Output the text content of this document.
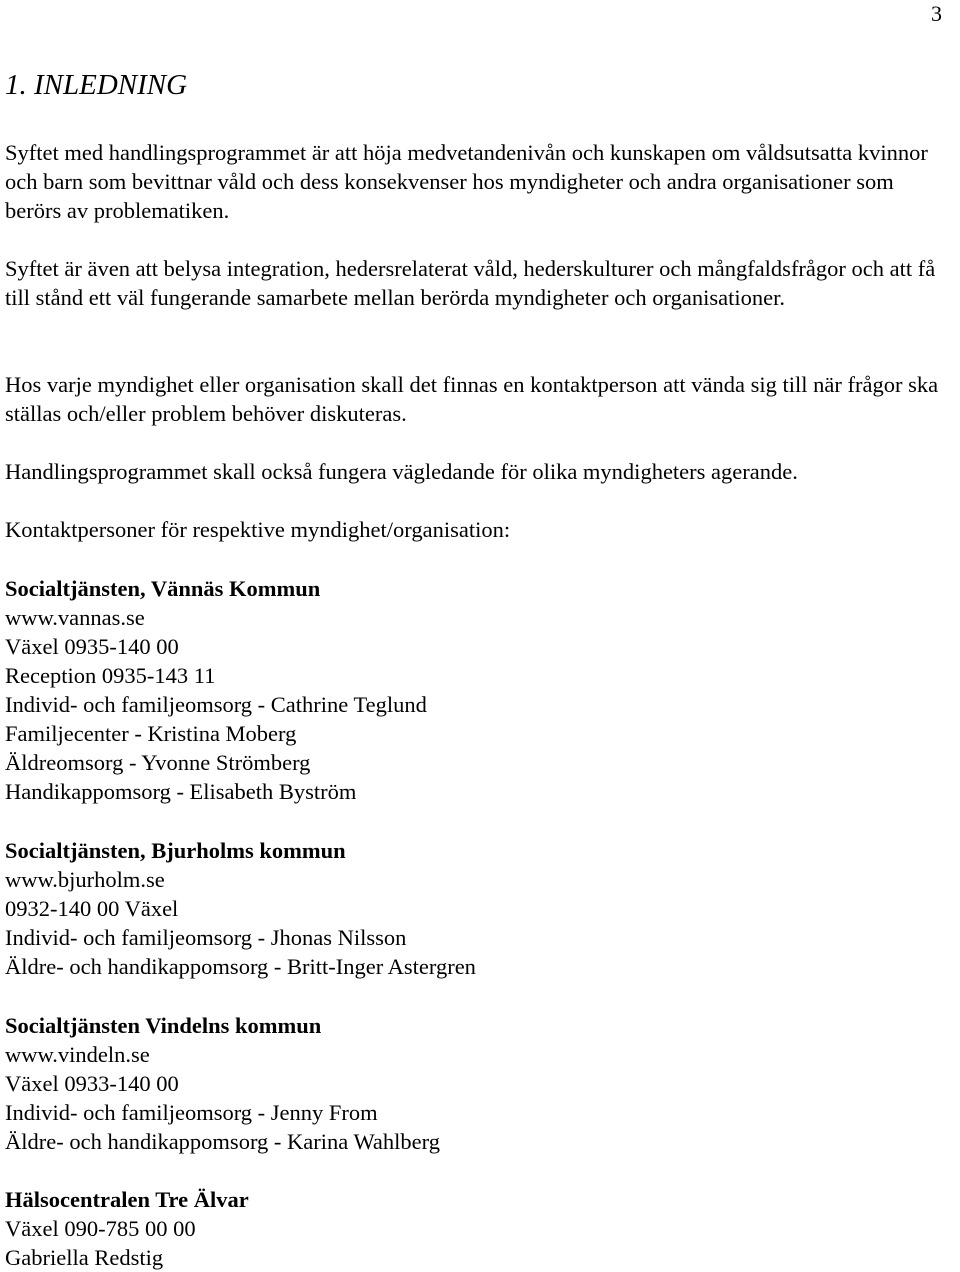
3
1. INLEDNING

Syftet med handlingsprogrammet är att höja medvetandenivån och kunskapen om våldsutsatta kvinnor och barn som bevittnar våld och dess konsekvenser hos myndigheter och andra organisationer som berörs av problematiken.

Syftet är även att belysa integration, hedersrelaterat våld, hederskulturer och mångfaldsfrågor och att få till stånd ett väl fungerande samarbete mellan berörda myndigheter och organisationer.

Hos varje myndighet eller organisation skall det finnas en kontaktperson att vända sig till när frågor ska ställas och/eller problem behöver diskuteras.

Handlingsprogrammet skall också fungera vägledande för olika myndigheters agerande.

Kontaktpersoner för respektive myndighet/organisation:

Socialtjänsten, Vännäs Kommun
www.vannas.se
Växel 0935-140 00
Reception 0935-143 11
Individ- och familjeomsorg - Cathrine Teglund
Familjecenter - Kristina Moberg
Äldreomsorg - Yvonne Strömberg
Handikappomsorg - Elisabeth Byström
Socialtjänsten, Bjurholms kommun
www.bjurholm.se
0932-140 00 Växel
Individ- och familjeomsorg - Jhonas Nilsson
Äldre- och handikappomsorg - Britt-Inger Astergren
Socialtjänsten Vindelns kommun
www.vindeln.se
Växel 0933-140 00
Individ- och familjeomsorg - Jenny From
Äldre- och handikappomsorg - Karina Wahlberg
Hälsocentralen Tre Älvar
Växel 090-785 00 00
Gabriella Redstig
